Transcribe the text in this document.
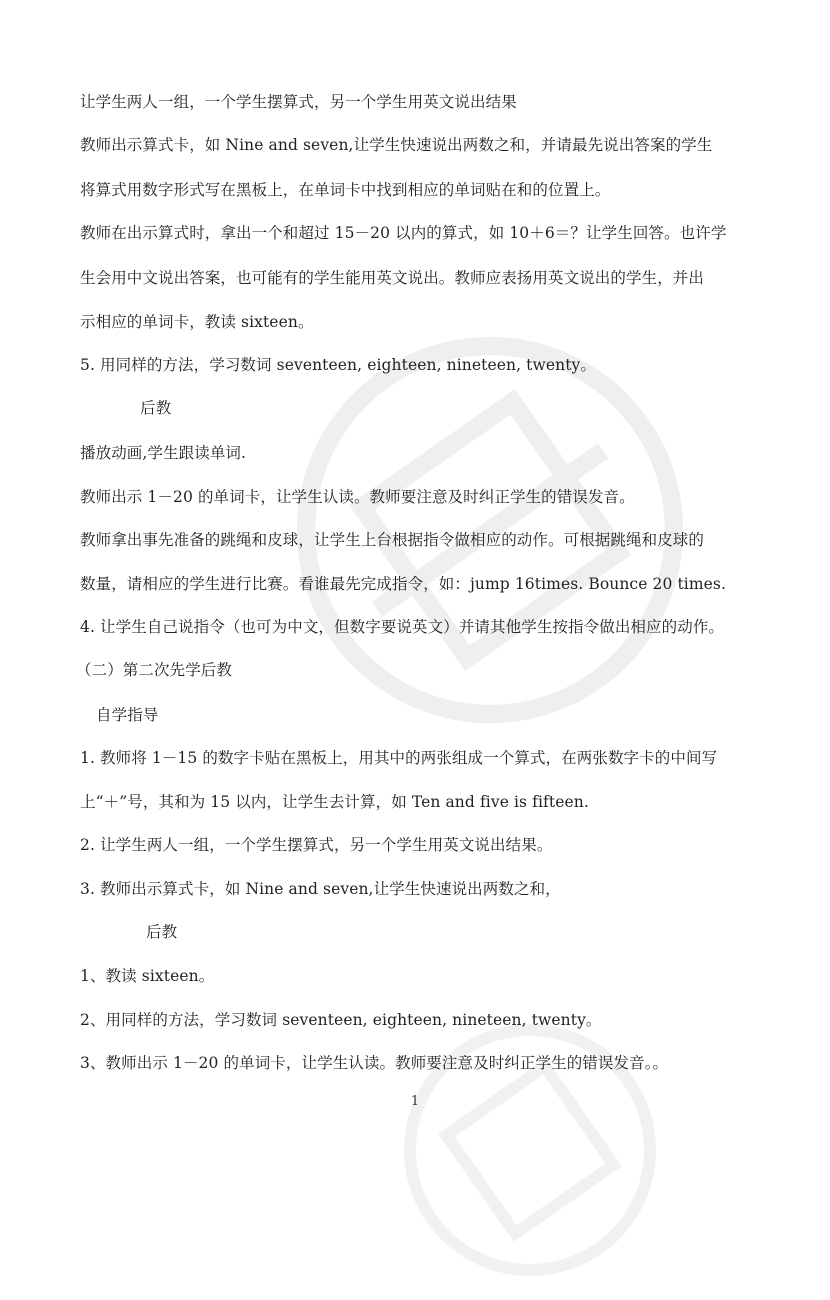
让学生两人一组，一个学生摆算式，另一个学生用英文说出结果
教师出示算式卡，如 Nine and seven,让学生快速说出两数之和，并请最先说出答案的学生
将算式用数字形式写在黑板上，在单词卡中找到相应的单词贴在和的位置上。
教师在出示算式时，拿出一个和超过 15－20 以内的算式，如 10＋6＝？让学生回答。也许学
生会用中文说出答案，也可能有的学生能用英文说出。教师应表扬用英文说出的学生，并出
示相应的单词卡，教读 sixteen。
5. 用同样的方法，学习数词 seventeen, eighteen, nineteen, twenty。
后教
播放动画,学生跟读单词.
教师出示 1－20 的单词卡，让学生认读。教师要注意及时纠正学生的错误发音。
教师拿出事先准备的跳绳和皮球，让学生上台根据指令做相应的动作。可根据跳绳和皮球的
数量，请相应的学生进行比赛。看谁最先完成指令，如：jump 16times. Bounce 20 times.
4. 让学生自己说指令（也可为中文，但数字要说英文）并请其他学生按指令做出相应的动作。
（二）第二次先学后教
自学指导
1. 教师将 1－15 的数字卡贴在黑板上，用其中的两张组成一个算式，在两张数字卡的中间写
上“＋”号，其和为 15 以内，让学生去计算，如 Ten and five is fifteen.
2. 让学生两人一组，一个学生摆算式，另一个学生用英文说出结果。
3. 教师出示算式卡，如 Nine and seven,让学生快速说出两数之和，
后教
1、教读 sixteen。
2、用同样的方法，学习数词 seventeen, eighteen, nineteen, twenty。
3、教师出示 1－20 的单词卡，让学生认读。教师要注意及时纠正学生的错误发音。。
1
